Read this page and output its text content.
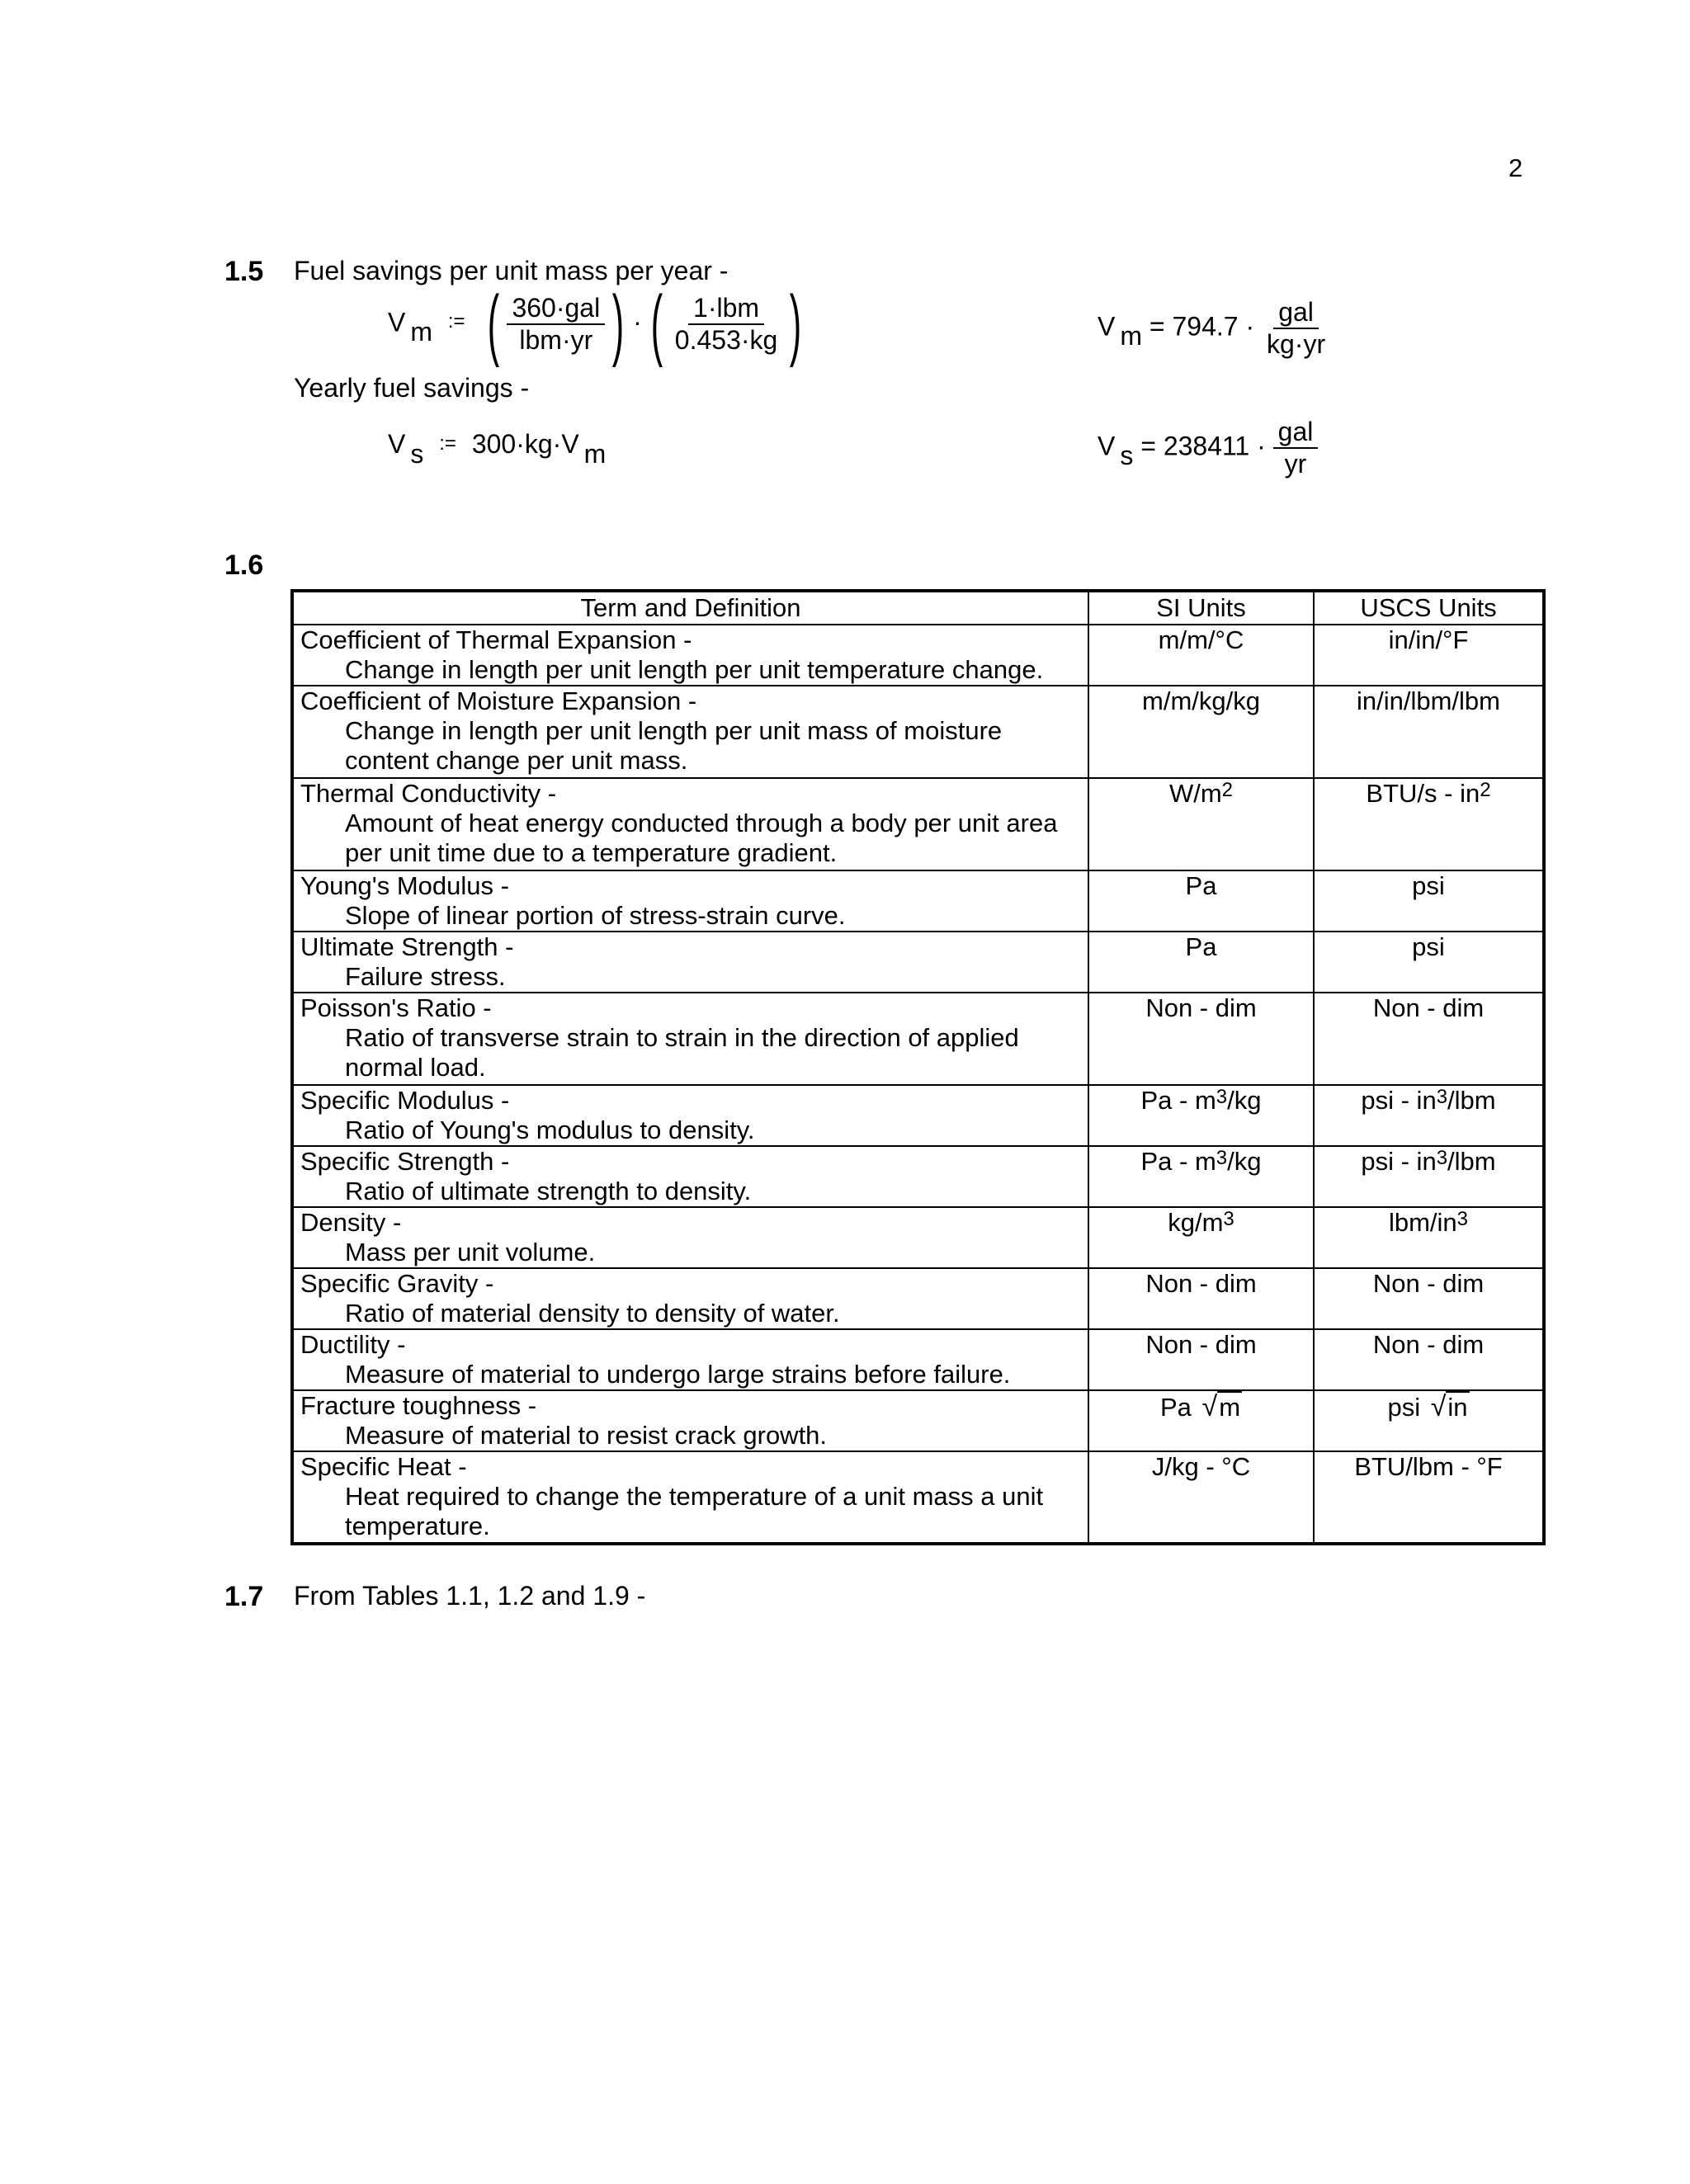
2
1.5 Fuel savings per unit mass per year -
V m := ( $\frac{\text{360·gal}}{\text{lbm·yr}}$ ) · ( $\frac{\text{1·lbm}}{0.453\cdot kg}$ )	V $m = 794.7 \cdot \frac{\text{gal}}{kg\cdot yr}$
Yearly fuel savings -
V s := 300·kg·V m	V $s = 238411 \cdot \frac{\text{gal}}{yr}$
1.6
Term and Definition	SI Units	USCS Units

Coefficient of Thermal Expansion -
Change in length per unit length per unit temperature change.	m/m/°C	in/in/°F

Coefficient of Moisture Expansion -
Change in length per unit length per unit mass of moisture content change per unit mass.	m/m/kg/kg	in/in/lbm/lbm

Thermal Conductivity -
Amount of heat energy conducted through a body per unit area per unit time due to a temperature gradient.	$W/m^2$	$BTU/s - in^2$

Young's Modulus -
Slope of linear portion of stress-strain curve.	Pa	psi

Ultimate Strength -
Failure stress.	Pa	psi

Poisson's Ratio -
Ratio of transverse strain to strain in the direction of applied normal load.	Non - dim	Non - dim

Specific Modulus -
Ratio of Young's modulus to density.	Pa - $m^3/kg$	psi - $in^3$/lbm

Specific Strength -
Ratio of ultimate strength to density.	Pa - $m^3/kg$	psi - $in^3$/lbm

Density -
Mass per unit volume.	$kg/m^3$	lbm/$in^3$

Specific Gravity -
Ratio of material density to density of water.	Non - dim	Non - dim

Ductility -
Measure of material to undergo large strains before failure.	Non - dim	Non - dim

Fracture toughness -
Measure of material to resist crack growth.	Pa √m	psi √in

Specific Heat -
Heat required to change the temperature of a unit mass a unit temperature.	J/kg - °C	BTU/lbm - °F
1.7 From Tables 1.1, 1.2 and 1.9 -
